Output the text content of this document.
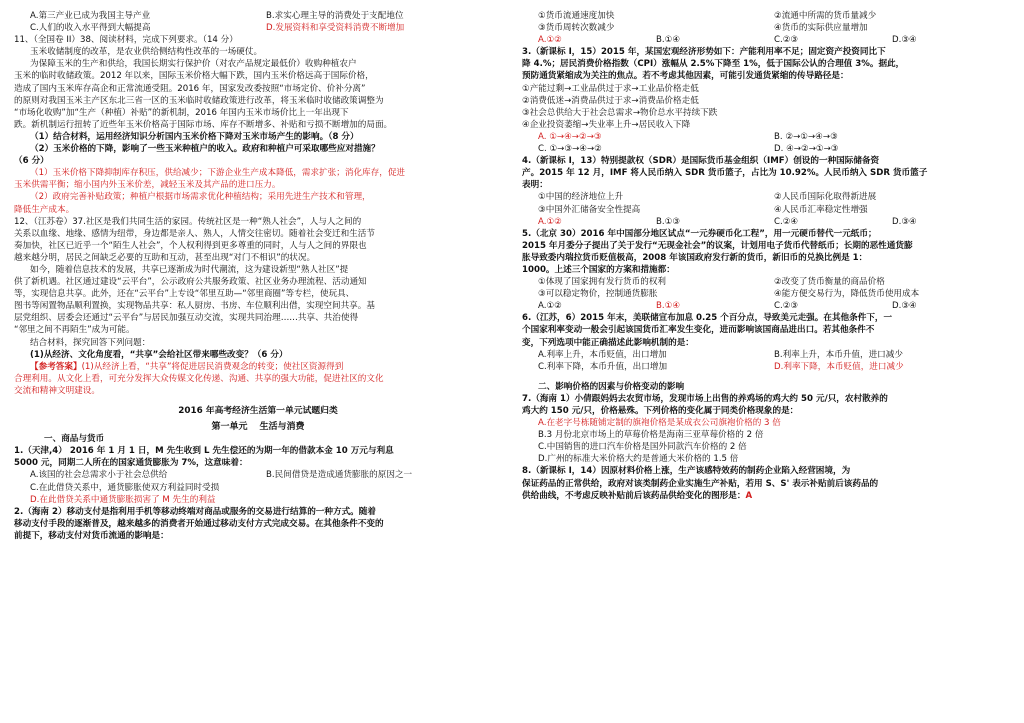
A.第三产业已成为我国主导产业	B.求实心理主导的消费处于支配地位
C.人们的收入水平得到大幅提高	D.发展资料和享受资料消费不断增加
11、（全国卷 II）38、阅读材料，完成下列要求。（14 分）
玉米收储制度的改革，是农业供给侧结构性改革的一场硬仗。
为保障玉米的生产和供给，我国长期实行保护价（对农产品规定最低价）收购种植农户
玉米的临时收储政策。2012 年以来，国际玉米价格大幅下跌，国内玉米价格远高于国际价格，
造成了国内玉米库存高企和正常流通受阻。2016 年，国家发改委按照“市场定价、价补分离”
的原则对我国玉米主产区东北三省一区的玉米临时收储政策进行改革，将玉米临时收储政策调整为
“市场化收购”加“生产（种植）补贴”的新机制，2016 年国内玉米市场价比上一年出现下
跌。新机制运行扭转了近些年玉米价格高于国际市场、库存不断增多、补贴和亏损不断增加的局面。
（1）结合材料，运用经济知识分析国内玉米价格下降对玉米市场产生的影响。（8 分）
（2）玉米价格的下降，影响了一些玉米种植户的收入。政府和种植户可采取哪些应对措施？
（6 分）
（1）玉米价格下降抑制库存积压，供给减少；下游企业生产成本降低，需求扩张；消化库存，促进
玉米供需平衡；缩小国内外玉米价差，减轻玉米及其产品的进口压力。
（2）政府完善补贴政策；种植户根据市场需求优化种植结构；采用先进生产技术和管理，
降低生产成本。
12、（江苏卷）37.社区是我们共同生活的家园。传统社区是一种“熟人社会”，人与人之间的
关系以血缘、地缘、感情为纽带，身边都是亲人、熟人，人情交往密切。随着社会变迁和生活节
奏加快，社区已近乎一个“陌生人社会”，个人权利得到更多尊重的同时，人与人之间的界限也
越来越分明，居民之间缺乏必要的互助和互动，甚至出现“对门不相识”的状况。
如今，随着信息技术的发展，共享已逐渐成为时代潮流，这为建设新型“熟人社区”提
供了新机遇。社区通过建设“云平台”，公示政府公共服务政策、社区业务办理流程、活动通知
等，实现信息共享。此外，还在“云平台”上专设“邻里互助—“邻里商圈”等专栏，使玩具、
图书等闲置物品顺利置换，实现物品共享：私人厨房、书房、车位顺利出借，实现空间共享。基
层党组织、居委会还通过“云平台”与居民加强互动交流，实现共同治理……共享、共治使得
“邻里之间不再陌生”成为可能。
结合材料，探究回答下列问题：
(1)从经济、文化角度看，“共享”会给社区带来哪些改变？（6 分）
【参考答案】(1)从经济上看，“共享”将促进居民消费观念的转变；使社区资源得到
合理利用。从文化上看，可充分发挥大众传媒文化传递、沟通、共享的强大功能，促进社区的文化
交流和精神文明建设。
2016 年高考经济生活第一单元试题归类
第一单元 生活与消费
一、商品与货币
1.（天津,4） 2016 年 1 月 1 日，M 先生收到 L 先生偿还的为期一年的借款本金 10 万元与利息
5000 元，同期二人所在的国家通货膨胀为 7%，这意味着：
A.该国的社会总需求小于社会总供给	B.民间借贷是造成通货膨胀的原因之一
C.在此借贷关系中，通货膨胀使双方利益同时受损
D.在此借贷关系中通货膨胀损害了 M 先生的利益
2.（海南 2）移动支付是指利用手机等移动终端对商品或服务的交易进行结算的一种方式。随着
移动支付手段的逐渐普及，越来越多的消费者开始通过移动支付方式完成交易。在其他条件不变的
前提下，移动支付对货币流通的影响是：
①货币流通速度加快	②流通中所需的货币量减少
③货币周转次数减少	④货币的实际供应量增加
A.①②	B.①④	C.②③	D.③④
3.（新课标 I，15）2015 年，某国宏观经济形势如下：产能利用率不足；固定资产投资同比下
降 4.%；居民消费价格指数（CPI）涨幅从 2.5%下降至 1%，低于国际公认的合理值 3%。据此，
预防通货紧缩成为关注的焦点。若不考虑其他因素，可能引发通货紧缩的传导路径是：
①产能过剩→工业品供过于求→工业品价格走低
②消费低迷→消费品供过于求→消费品价格走低
③社会总供给大于社会总需求→物价总水平持续下跌
④企业投资萎缩→失业率上升→居民收入下降
A. ①→④→②→③	B. ②→①→④→③
C. ①→③→④→②	D. ④→②→①→③
4.（新课标 I，13）特别提款权（SDR）是国际货币基金组织（IMF）创设的一种国际储备资
产。2015 年 12 月，IMF 将人民币纳入 SDR 货币篮子，占比为 10.92%。人民币纳入 SDR 货币篮子
表明：
①中国的经济地位上升	②人民币国际化取得新进展
③中国外汇储备安全性提高	④人民币汇率稳定性增强
A.①②	B.①③	C.②④	D.③④
5.（北京 30）2016 年中国部分地区试点“一元券硬币化工程”，用一元硬币替代一元纸币；
2015 年月委分子提出了关于发行“无现金社会”的议案，计划用电子货币代替纸币；长期的恶性通货膨
胀导致委内瑞拉货币贬值极高，2008 年该国政府发行新的货币，新旧币的兑换比例是 1：
1000。上述三个国家的方案和措施都：
①体现了国家拥有发行货币的权利	②改变了货币衡量的商品价格
③可以稳定物价，控制通货膨胀	④能方便交易行为，降低货币使用成本
A.①②	B.①④	C.②③	D.③④
6.（江苏，6）2015 年末，美联储宣布加息 0.25 个百分点，导致美元走强。在其他条件下，一
个国家利率变动一般会引起该国货币汇率发生变化，进而影响该国商品进出口。若其他条件不
变，下列选项中能正确描述此影响机制的是：
A.利率上升，本币贬值，出口增加	B.利率上升，本币升值，进口减少
C.利率下降，本币升值，出口增加	D.利率下降，本币贬值，进口减少
二、影响价格的因素与价格变动的影响
7.（海南 1）小倩跟妈妈去农贸市场，发现市场上出售的养鸡场的鸡大约 50 元/只，农村散养的
鸡大约 150 元/只，价格悬殊。下列价格的变化属于同类价格现象的是：
A.在老字号栋随铺定制的旗袍价格是某成衣公司旗袍价格的 3 倍
B.3 月份北京市场上的草莓价格是海南三亚草莓价格的 2 倍
C.中国销售的进口汽车价格是国外同款汽车价格的 2 倍
D.广州的标准大米价格大约是普通大米价格的 1.5 倍
8.（新课标 I，14）因原材料价格上涨，生产该感特效药的制药企业陷入经营困境，为
保证药品的正常供给，政府对该类制药企业实施生产补贴，若用 S、S' 表示补贴前后该药品的
供给曲线，不考虑反映补贴前后该药品供给变化的图形是：A
